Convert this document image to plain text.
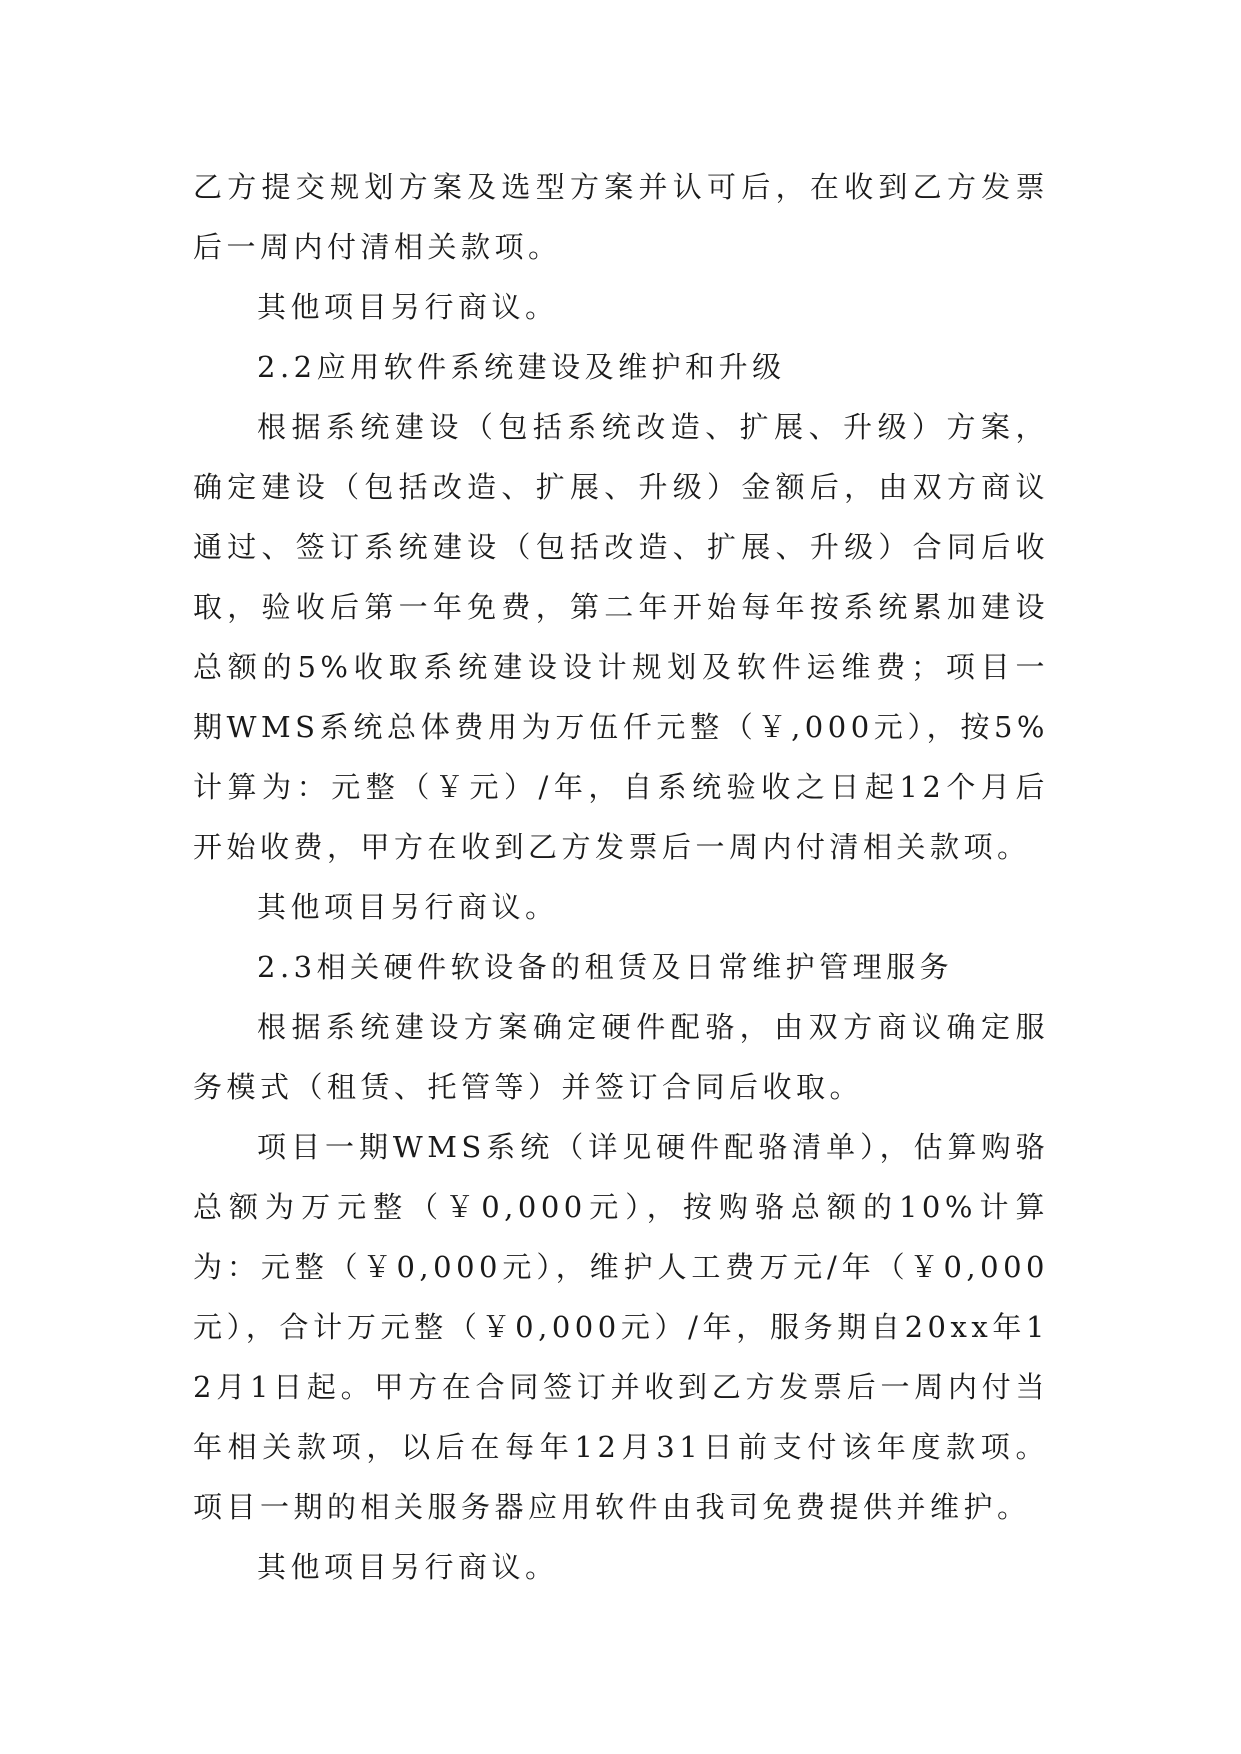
乙方提交规划方案及选型方案并认可后，在收到乙方发票后一周内付清相关款项。

其他项目另行商议。

2.2应用软件系统建设及维护和升级

根据系统建设（包括系统改造、扩展、升级）方案，确定建设（包括改造、扩展、升级）金额后，由双方商议通过、签订系统建设（包括改造、扩展、升级）合同后收取，验收后第一年免费，第二年开始每年按系统累加建设总额的5%收取系统建设设计规划及软件运维费；项目一期WMS系统总体费用为万伍仟元整（￥,000元），按5%计算为：元整（￥元）/年，自系统验收之日起12个月后开始收费，甲方在收到乙方发票后一周内付清相关款项。

其他项目另行商议。

2.3相关硬件软设备的租赁及日常维护管理服务

根据系统建设方案确定硬件配骆，由双方商议确定服务模式（租赁、托管等）并签订合同后收取。

项目一期WMS系统（详见硬件配骆清单），估算购骆总额为万元整（￥0,000元），按购骆总额的10%计算为：元整（￥0,000元），维护人工费万元/年（￥0,000元），合计万元整（￥0,000元）/年，服务期自20xx年12月1日起。甲方在合同签订并收到乙方发票后一周内付当年相关款项，以后在每年12月31日前支付该年度款项。项目一期的相关服务器应用软件由我司免费提供并维护。

其他项目另行商议。
